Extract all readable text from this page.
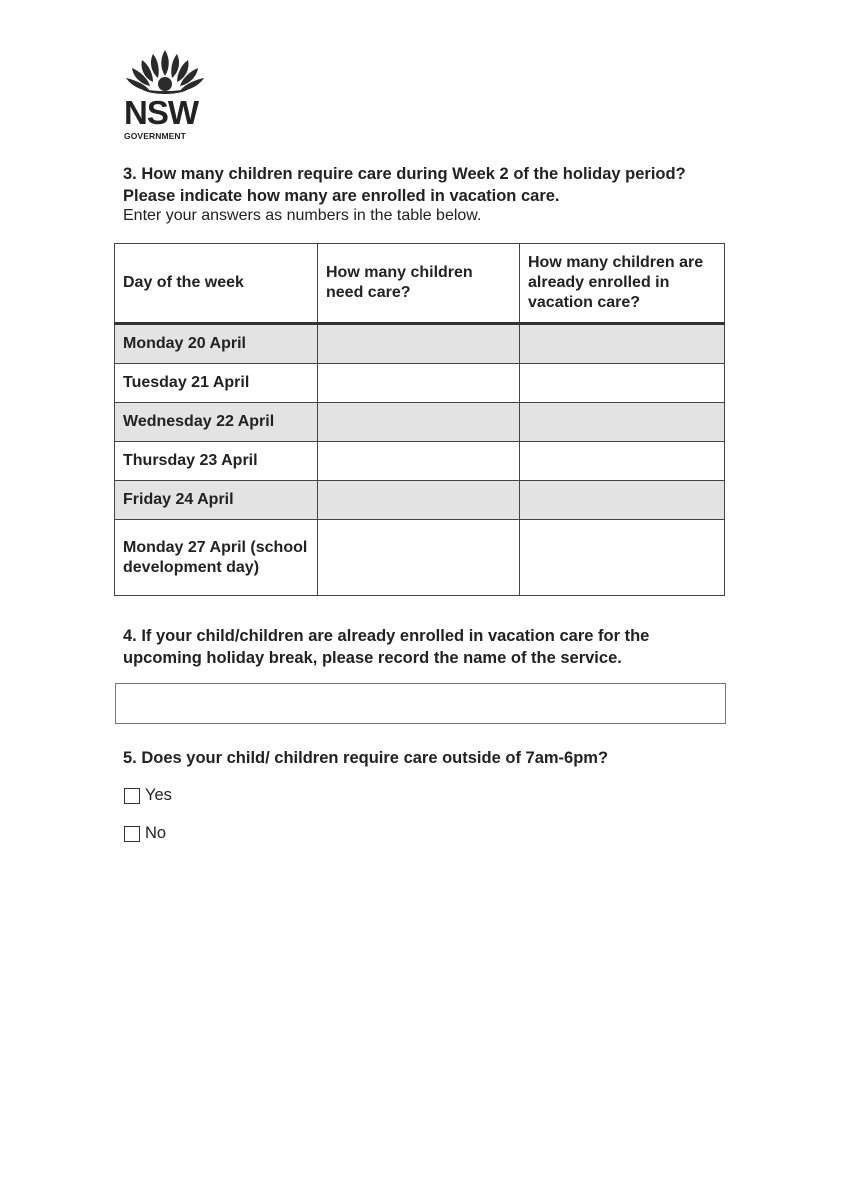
NSW
GOVERNMENT
3. How many children require care during Week 2 of the holiday period?
Please indicate how many are enrolled in vacation care.
Enter your answers as numbers in the table below.
Day of the week	How many children need care?	How many children are already enrolled in vacation care?
Monday 20 April		
Tuesday 21 April		
Wednesday 22 April		
Thursday 23 April		
Friday 24 April		
Monday 27 April (school development day)		
4. If your child/children are already enrolled in vacation care for the upcoming holiday break, please record the name of the service.
5. Does your child/ children require care outside of 7am-6pm?
Yes
No
